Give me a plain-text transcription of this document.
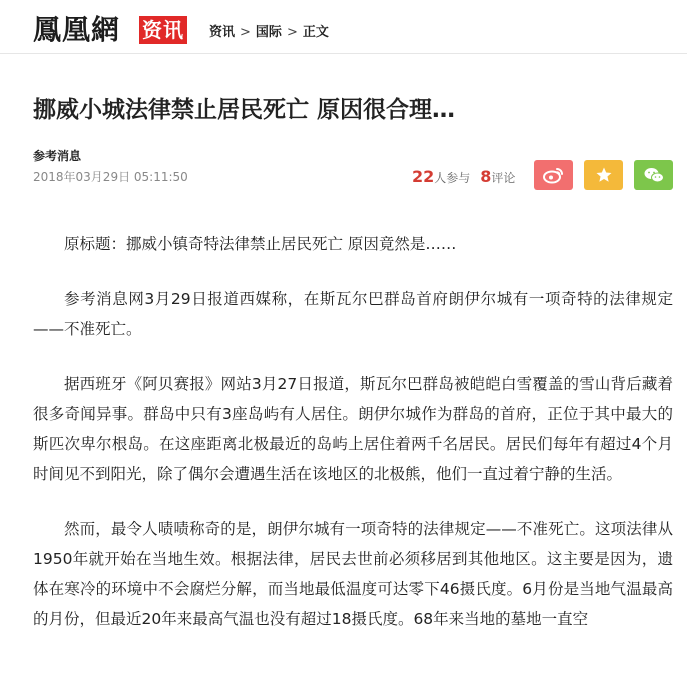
鳳凰網 资讯 资讯 > 国际 > 正文
挪威小城法律禁止居民死亡 原因很合理…
参考消息
2018年03月29日 05:11:50	22人参与 8评论

原标题：挪威小镇奇特法律禁止居民死亡 原因竟然是……

参考消息网3月29日报道西媒称，在斯瓦尔巴群岛首府朗伊尔城有一项奇特的法律规定——不准死亡。

据西班牙《阿贝赛报》网站3月27日报道，斯瓦尔巴群岛被皑皑白雪覆盖的雪山背后藏着很多奇闻异事。群岛中只有3座岛屿有人居住。朗伊尔城作为群岛的首府，正位于其中最大的斯匹次卑尔根岛。在这座距离北极最近的岛屿上居住着两千名居民。居民们每年有超过4个月时间见不到阳光，除了偶尔会遭遇生活在该地区的北极熊，他们一直过着宁静的生活。

然而，最令人啧啧称奇的是，朗伊尔城有一项奇特的法律规定——不准死亡。这项法律从1950年就开始在当地生效。根据法律，居民去世前必须移居到其他地区。这主要是因为，遗体在寒冷的环境中不会腐烂分解，而当地最低温度可达零下46摄氏度。6月份是当地气温最高的月份，但最近20年来最高气温也没有超过18摄氏度。68年来当地的墓地一直空
